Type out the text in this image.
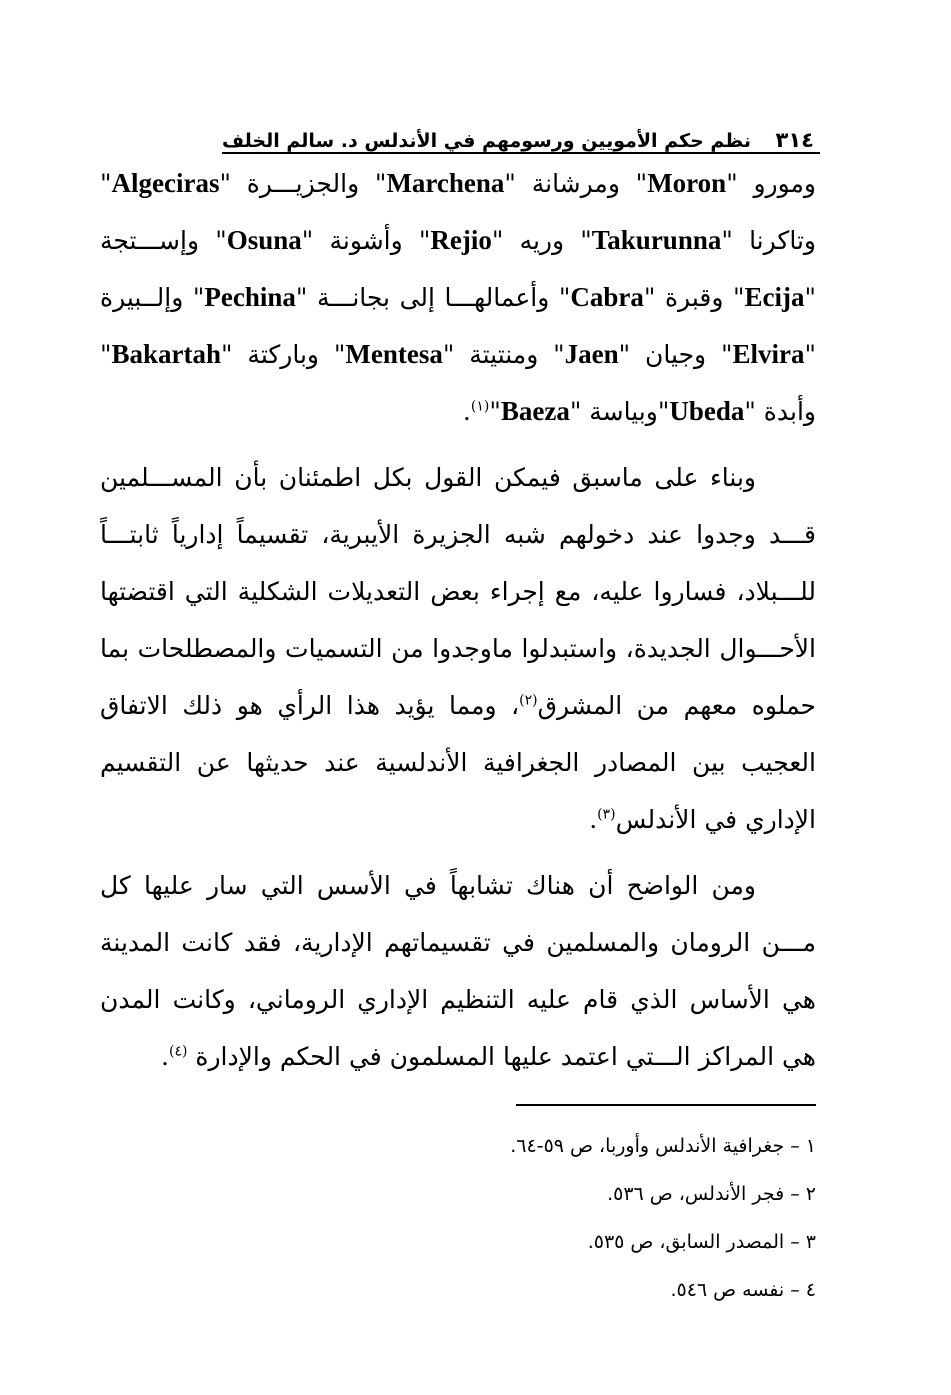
٣١٤
نظم حكم الأمويين ورسومهم في الأندلس د. سالم الخلف

ومورو "Moron" ومرشانة "Marchena" والجزيـــرة "Algeciras" وتاكرنا "Takurunna" وريه "Rejio" وأشونة "Osuna" وإســـتجة "Ecija" وقبرة "Cabra" وأعمالهـــا إلى بجانـــة "Pechina" وإلــبيرة "Elvira" وجيان "Jaen" ومنتيتة "Mentesa" وباركتة "Bakartah" وأبدة "Ubeda"وبياسة "Baeza"$^{(١)}$.

وبناء على ماسبق فيمكن القول بكل اطمئنان بأن المســـلمين قـــد وجدوا عند دخولهم شبه الجزيرة الأيبرية، تقسيماً إدارياً ثابتـــاً للـــبلاد، فساروا عليه، مع إجراء بعض التعديلات الشكلية التي اقتضتها الأحـــوال الجديدة، واستبدلوا ماوجدوا من التسميات والمصطلحات بما حملوه معهم من المشرق$^{(٢)}$، ومما يؤيد هذا الرأي هو ذلك الاتفاق العجيب بين المصادر الجغرافية الأندلسية عند حديثها عن التقسيم الإداري في الأندلس$^{(٣)}$.

ومن الواضح أن هناك تشابهاً في الأسس التي سار عليها كل مـــن الرومان والمسلمين في تقسيماتهم الإدارية، فقد كانت المدينة هي الأساس الذي قام عليه التنظيم الإداري الروماني، وكانت المدن هي المراكز الـــتي اعتمد عليها المسلمون في الحكم والإدارة $^{(٤)}$.

١ – جغرافية الأندلس وأوربا، ص ٥٩-٦٤.
٢ – فجر الأندلس، ص ٥٣٦.
٣ – المصدر السابق، ص ٥٣٥.
٤ – نفسه ص ٥٤٦.
